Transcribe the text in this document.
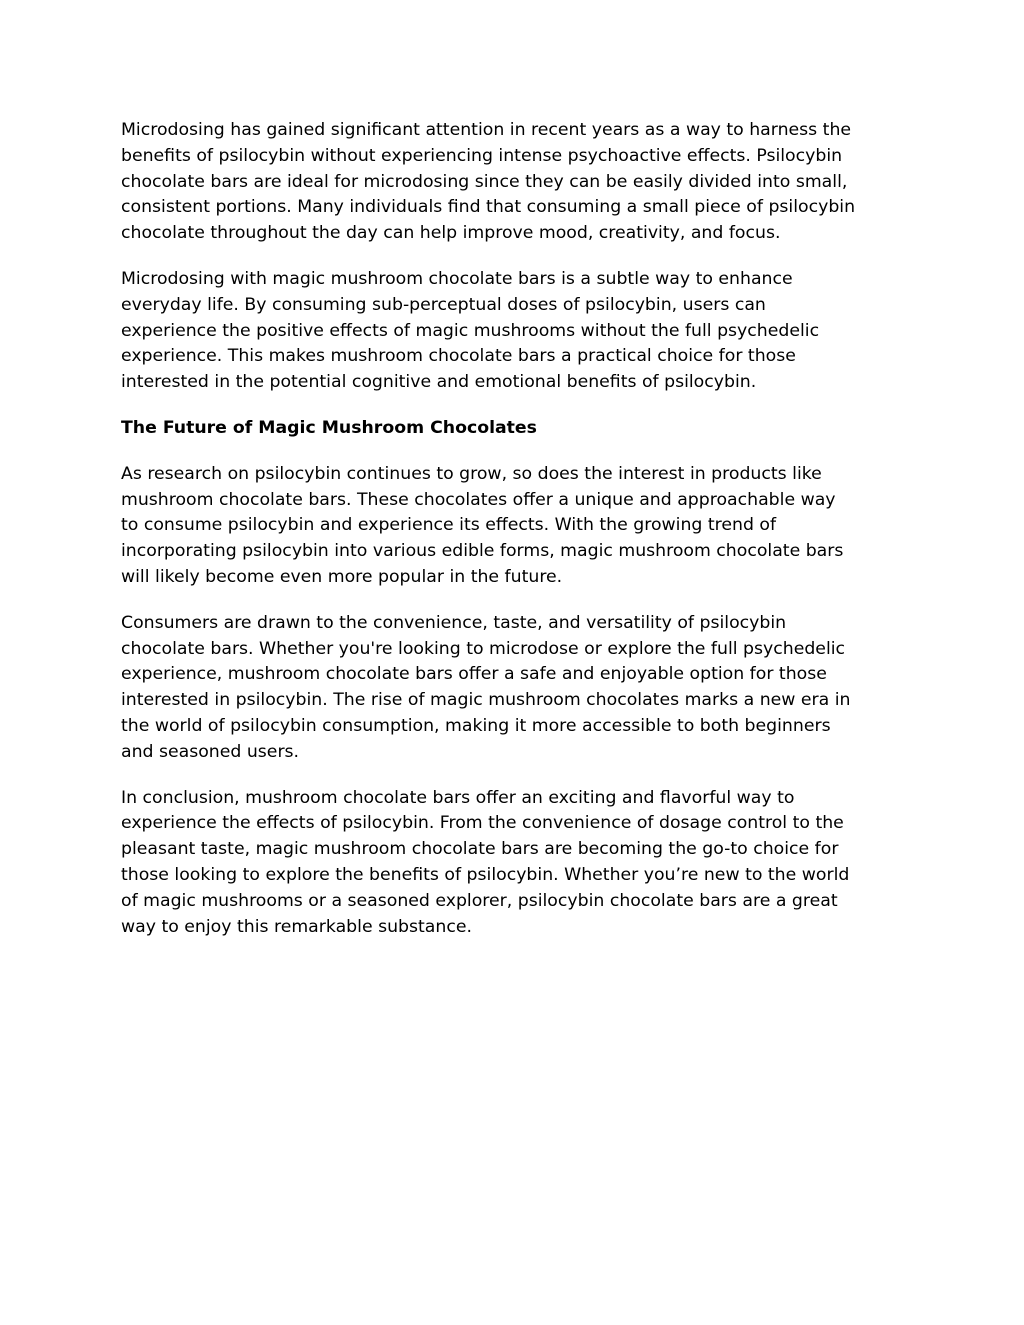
Microdosing has gained significant attention in recent years as a way to harness the
benefits of psilocybin without experiencing intense psychoactive effects. Psilocybin
chocolate bars are ideal for microdosing since they can be easily divided into small,
consistent portions. Many individuals find that consuming a small piece of psilocybin
chocolate throughout the day can help improve mood, creativity, and focus.

Microdosing with magic mushroom chocolate bars is a subtle way to enhance
everyday life. By consuming sub-perceptual doses of psilocybin, users can
experience the positive effects of magic mushrooms without the full psychedelic
experience. This makes mushroom chocolate bars a practical choice for those
interested in the potential cognitive and emotional benefits of psilocybin.

The Future of Magic Mushroom Chocolates

As research on psilocybin continues to grow, so does the interest in products like
mushroom chocolate bars. These chocolates offer a unique and approachable way
to consume psilocybin and experience its effects. With the growing trend of
incorporating psilocybin into various edible forms, magic mushroom chocolate bars
will likely become even more popular in the future.

Consumers are drawn to the convenience, taste, and versatility of psilocybin
chocolate bars. Whether you're looking to microdose or explore the full psychedelic
experience, mushroom chocolate bars offer a safe and enjoyable option for those
interested in psilocybin. The rise of magic mushroom chocolates marks a new era in
the world of psilocybin consumption, making it more accessible to both beginners
and seasoned users.

In conclusion, mushroom chocolate bars offer an exciting and flavorful way to
experience the effects of psilocybin. From the convenience of dosage control to the
pleasant taste, magic mushroom chocolate bars are becoming the go-to choice for
those looking to explore the benefits of psilocybin. Whether you’re new to the world
of magic mushrooms or a seasoned explorer, psilocybin chocolate bars are a great
way to enjoy this remarkable substance.
